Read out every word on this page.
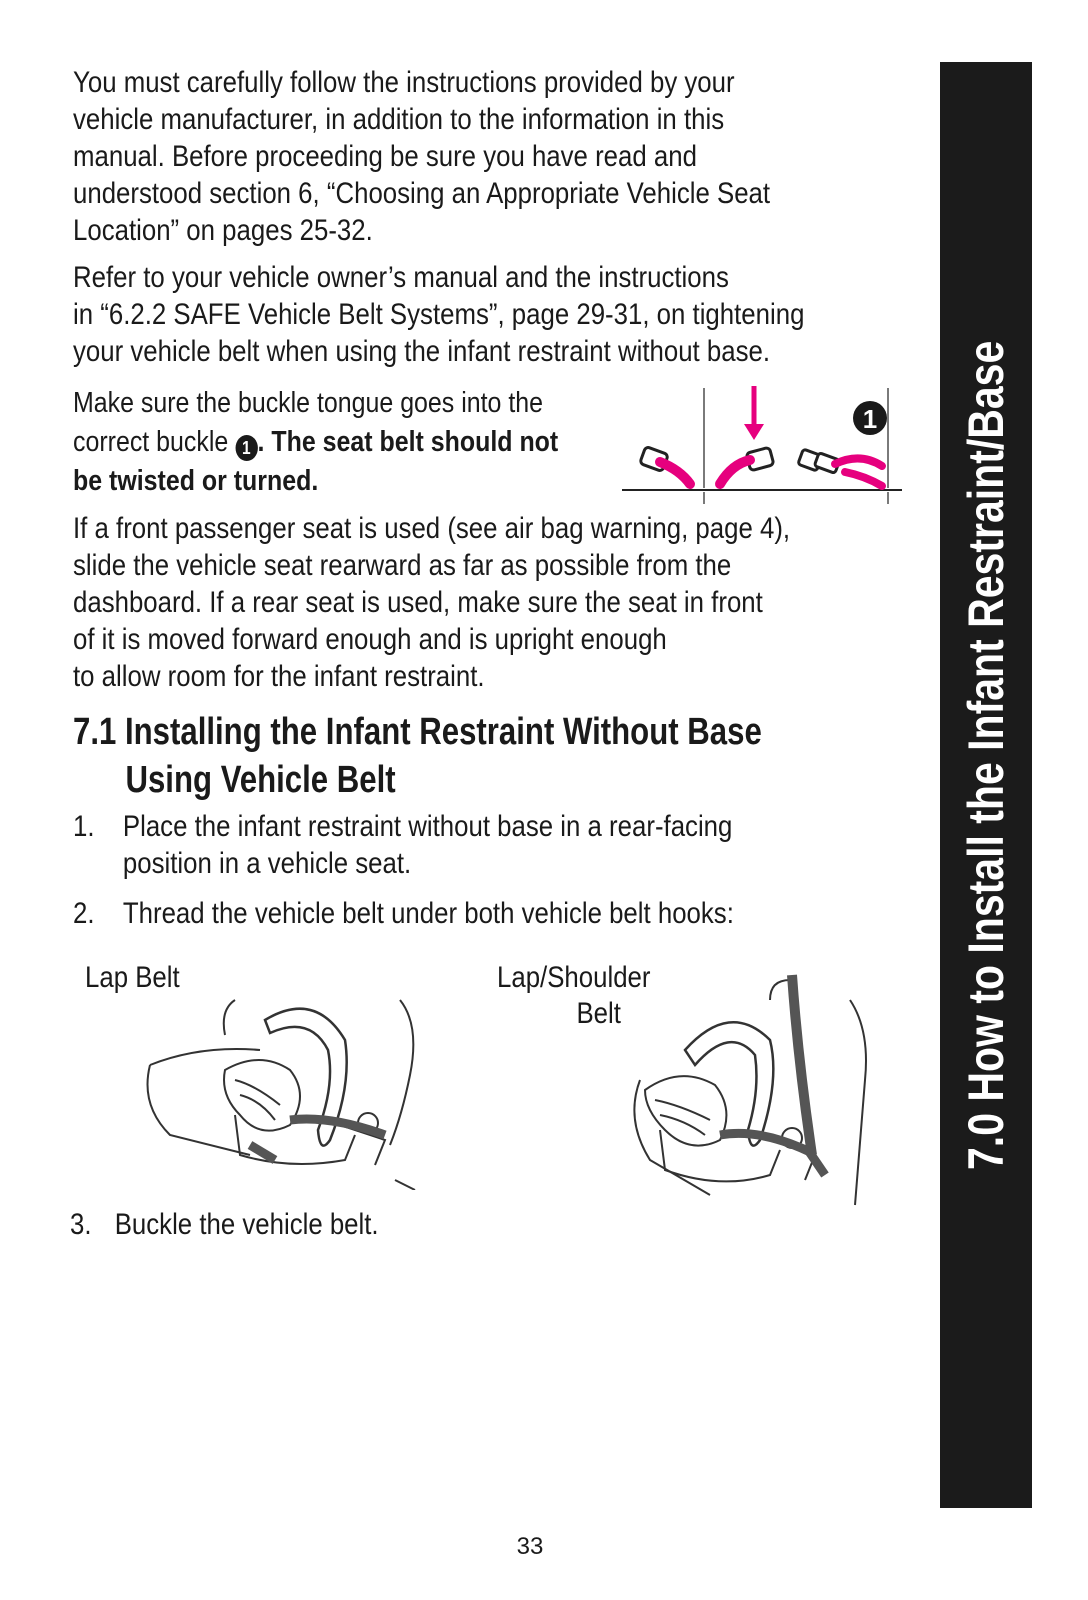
You must carefully follow the instructions provided by your
vehicle manufacturer, in addition to the information in this
manual. Before proceeding be sure you have read and
understood section 6, “Choosing an Appropriate Vehicle Seat
Location” on pages 25-32.

Refer to your vehicle owner’s manual and the instructions
in “6.2.2 SAFE Vehicle Belt Systems”, page 29-31, on tightening
your vehicle belt when using the infant restraint without base.

Make sure the buckle tongue goes into the

correct buckle 1 . The seat belt should not

be twisted or turned.

1

If a front passenger seat is used (see air bag warning, page 4),
slide the vehicle seat rearward as far as possible from the
dashboard. If a rear seat is used, make sure the seat in front
of it is moved forward enough and is upright enough
to allow room for the infant restraint.

7.1 Installing the Infant Restraint Without Base
Using Vehicle Belt
1. Place the infant restraint without base in a rear-facing
position in a vehicle seat.
2. Thread the vehicle belt under both vehicle belt hooks:
Lap Belt	Lap/Shoulder
Belt
3. Buckle the vehicle belt.
7.0 How to Install the Infant Restraint/Base

33
